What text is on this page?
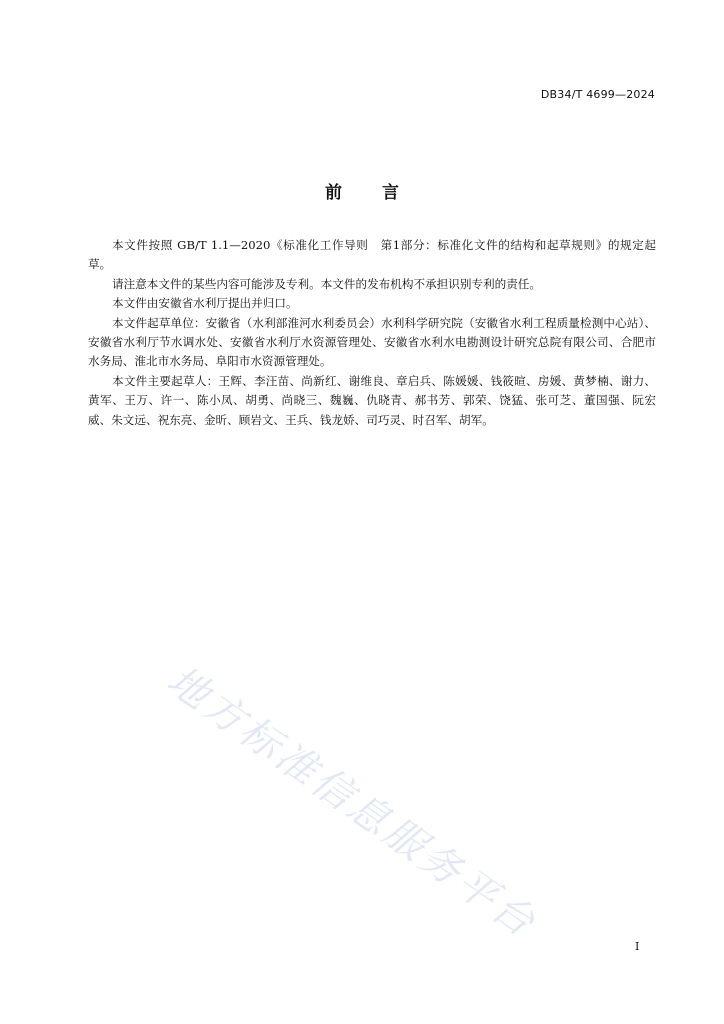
DB34/T 4699—2024
前 言

本文件按照 GB/T 1.1—2020《标准化工作导则　第1部分：标准化文件的结构和起草规则》的规定起草。

请注意本文件的某些内容可能涉及专利。本文件的发布机构不承担识别专利的责任。

本文件由安徽省水利厅提出并归口。

本文件起草单位：安徽省（水利部淮河水利委员会）水利科学研究院（安徽省水利工程质量检测中心站）、安徽省水利厅节水调水处、安徽省水利厅水资源管理处、安徽省水利水电勘测设计研究总院有限公司、合肥市水务局、淮北市水务局、阜阳市水资源管理处。

本文件主要起草人：王辉、李汪苗、尚新红、谢维良、章启兵、陈媛媛、钱筱暄、房媛、黄梦楠、谢力、黄军、王万、许一、陈小凤、胡勇、尚晓三、魏巍、仇晓青、郝书芳、郭荣、饶猛、张可芝、董国强、阮宏威、朱文远、祝东亮、金昕、顾岩文、王兵、钱龙娇、司巧灵、时召军、胡军。

地方标准信息服务平台	I
